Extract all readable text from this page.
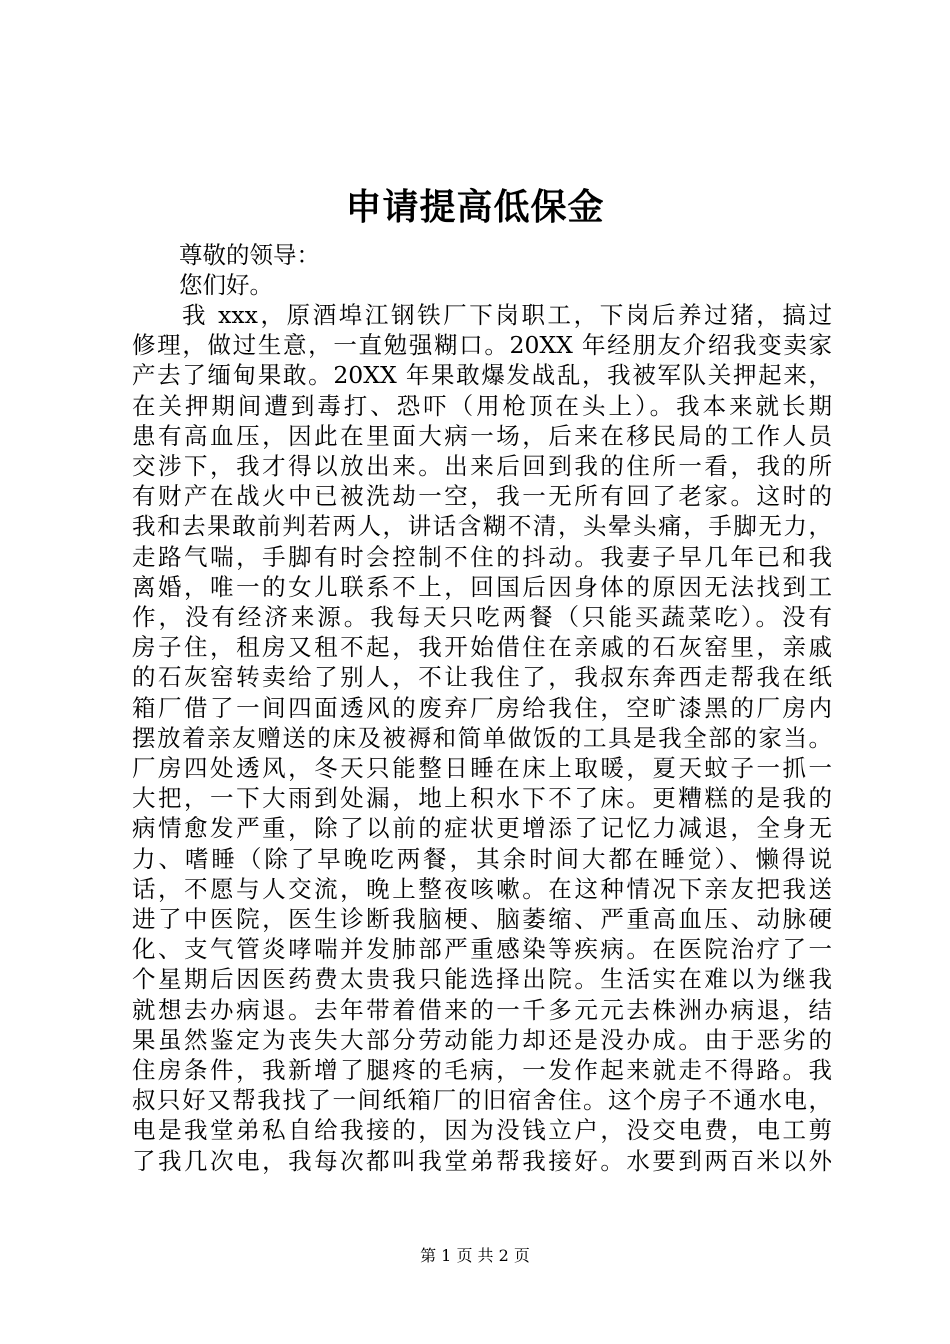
申请提高低保金
尊敬的领导：
您们好。
我 xxx，原酒埠江钢铁厂下岗职工，下岗后养过猪，搞过
修理，做过生意，一直勉强糊口。20XX 年经朋友介绍我变卖家
产去了缅甸果敢。20XX 年果敢爆发战乱，我被军队关押起来，
在关押期间遭到毒打、恐吓（用枪顶在头上）。我本来就长期
患有高血压，因此在里面大病一场，后来在移民局的工作人员
交涉下，我才得以放出来。出来后回到我的住所一看，我的所
有财产在战火中已被洗劫一空，我一无所有回了老家。这时的
我和去果敢前判若两人，讲话含糊不清，头晕头痛，手脚无力，
走路气喘，手脚有时会控制不住的抖动。我妻子早几年已和我
离婚，唯一的女儿联系不上，回国后因身体的原因无法找到工
作，没有经济来源。我每天只吃两餐（只能买蔬菜吃）。没有
房子住，租房又租不起，我开始借住在亲戚的石灰窑里，亲戚
的石灰窑转卖给了别人，不让我住了，我叔东奔西走帮我在纸
箱厂借了一间四面透风的废弃厂房给我住，空旷漆黑的厂房内
摆放着亲友赠送的床及被褥和简单做饭的工具是我全部的家当。
厂房四处透风，冬天只能整日睡在床上取暖，夏天蚊子一抓一
大把，一下大雨到处漏，地上积水下不了床。更糟糕的是我的
病情愈发严重，除了以前的症状更增添了记忆力减退，全身无
力、嗜睡（除了早晚吃两餐，其余时间大都在睡觉）、懒得说
话，不愿与人交流，晚上整夜咳嗽。在这种情况下亲友把我送
进了中医院，医生诊断我脑梗、脑萎缩、严重高血压、动脉硬
化、支气管炎哮喘并发肺部严重感染等疾病。在医院治疗了一
个星期后因医药费太贵我只能选择出院。生活实在难以为继我
就想去办病退。去年带着借来的一千多元元去株洲办病退，结
果虽然鉴定为丧失大部分劳动能力却还是没办成。由于恶劣的
住房条件，我新增了腿疼的毛病，一发作起来就走不得路。我
叔只好又帮我找了一间纸箱厂的旧宿舍住。这个房子不通水电，
电是我堂弟私自给我接的，因为没钱立户，没交电费，电工剪
了我几次电，我每次都叫我堂弟帮我接好。水要到两百米以外
第 1 页 共 2 页
